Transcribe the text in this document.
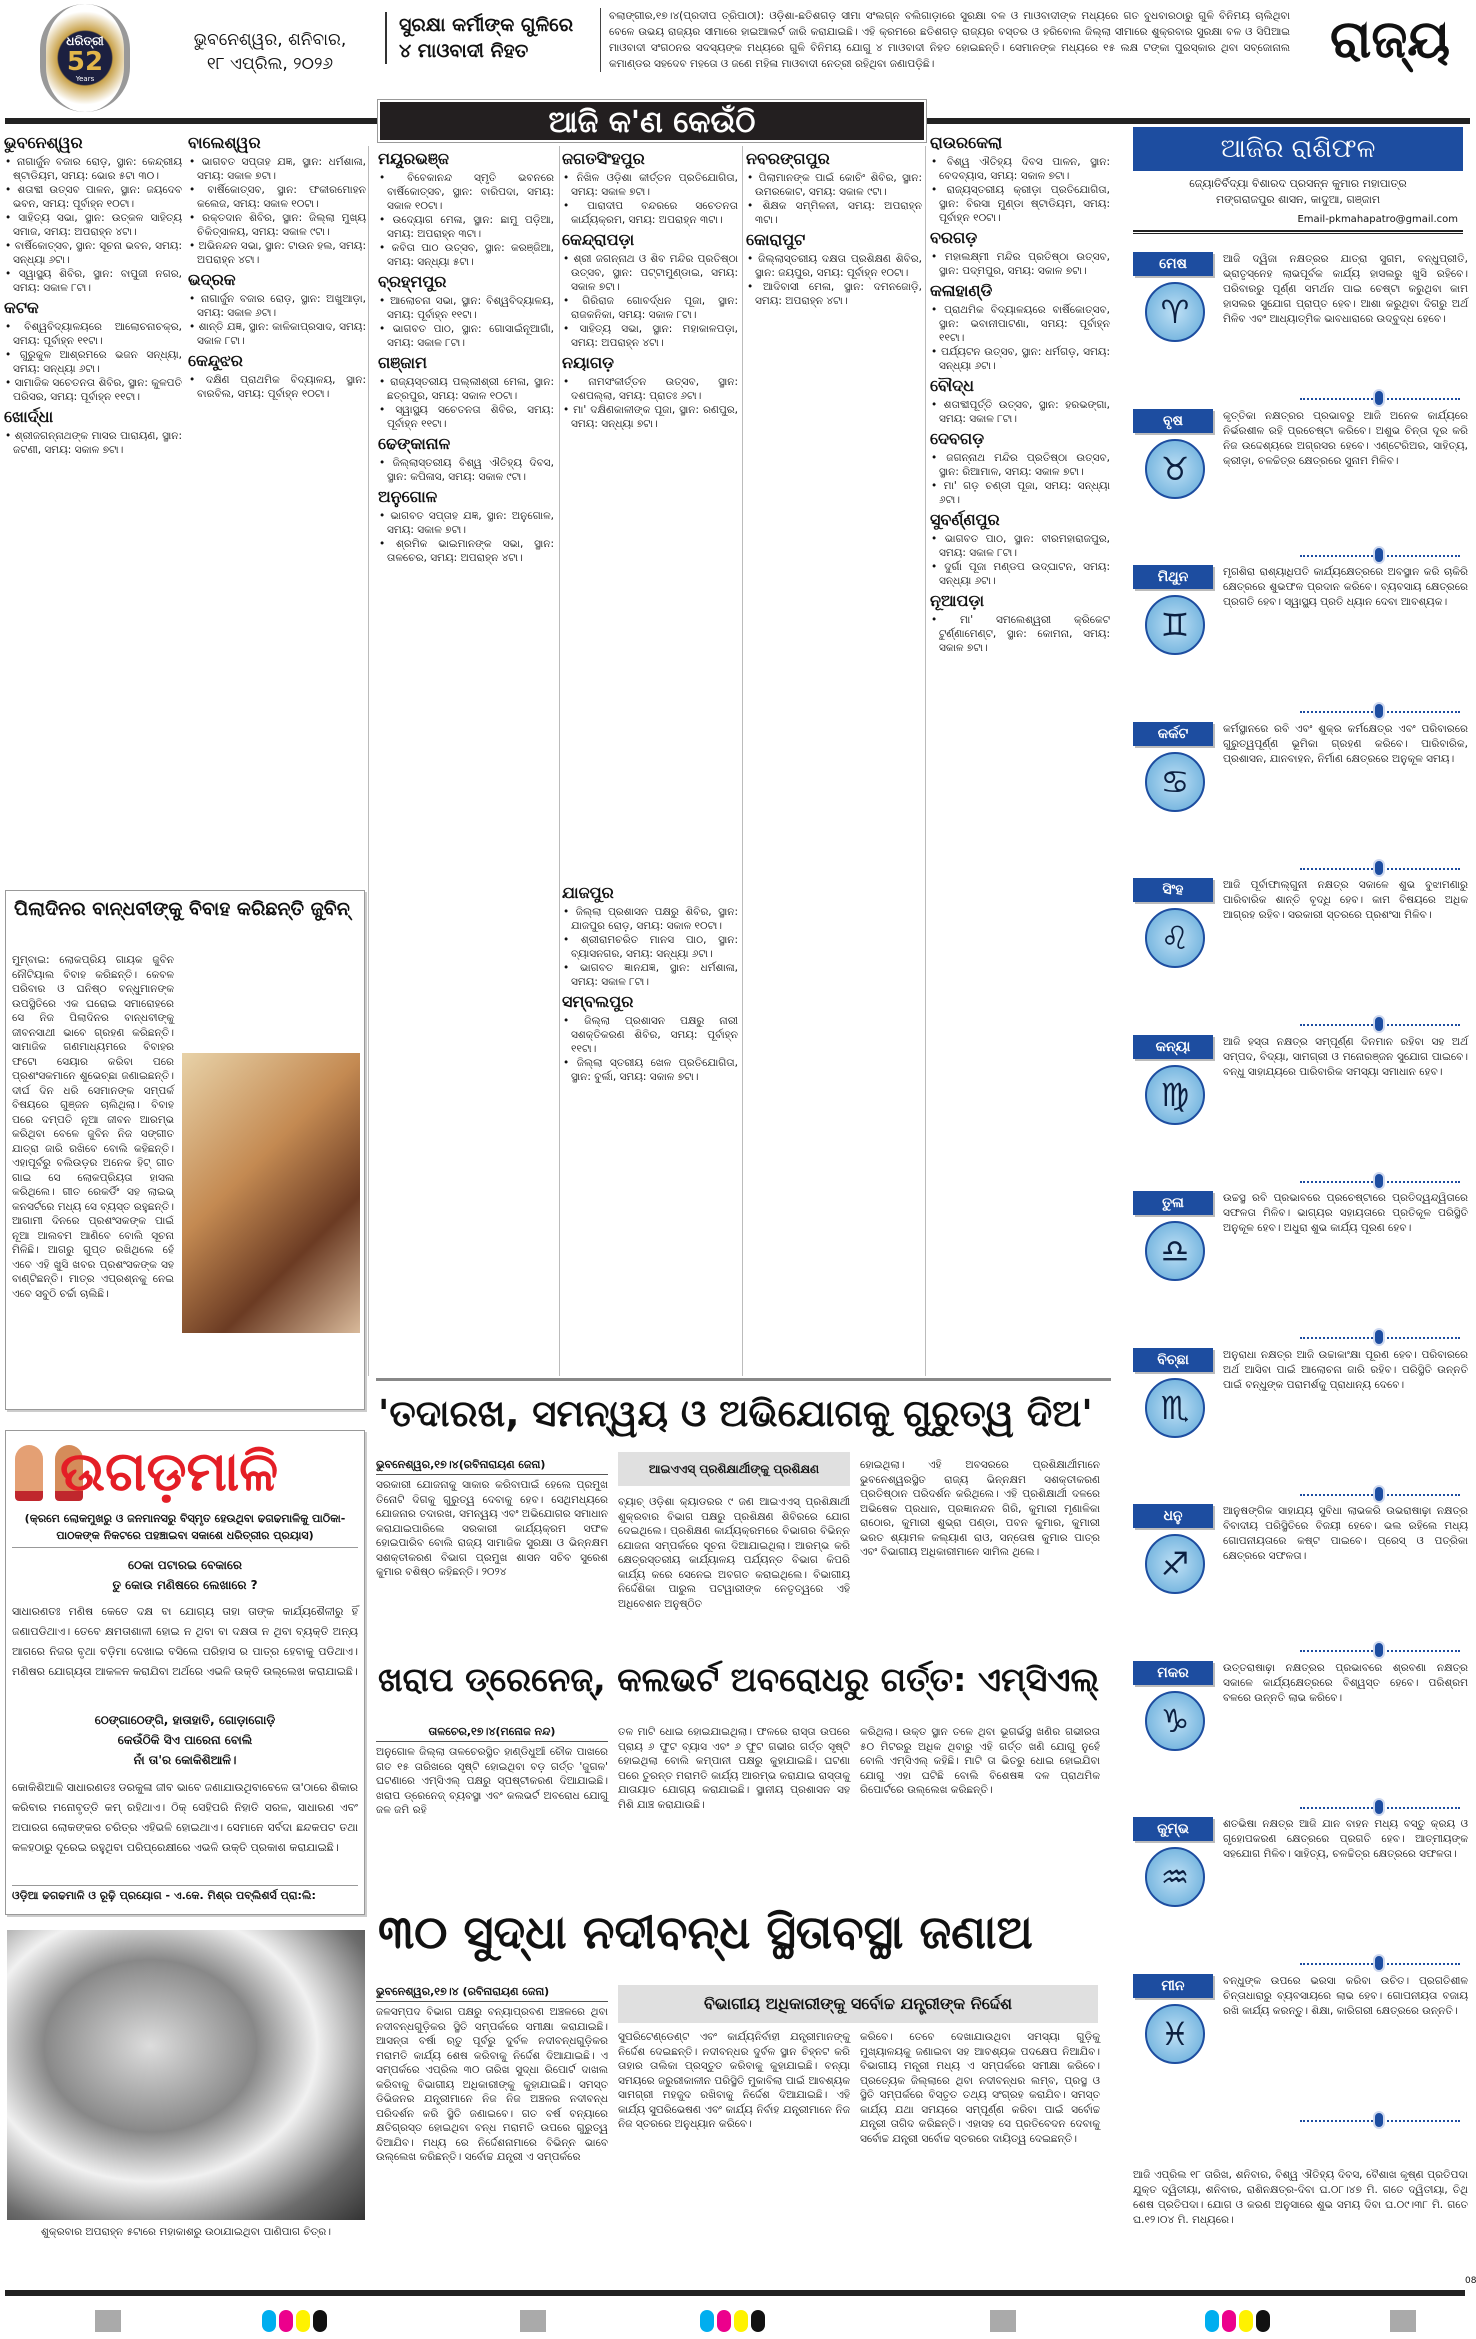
ଧରିତ୍ରୀ
52
Years
ଭୁବନେଶ୍ୱର, ଶନିବାର,
୧୮ ଏପ୍ରିଲ, ୨୦୨୬
ସୁରକ୍ଷା କର୍ମୀଙ୍କ ଗୁଳିରେ
୪ ମାଓବାଦୀ ନିହତ
ବଲାଙ୍ଗୀର,୧୭।୪(ପ୍ରଦୀପ ତ୍ରିପାଠୀ): ଓଡ଼ିଶା-ଛତିଶଗଡ଼ ସୀମା ସଂଲଗ୍ନ ବଲିଗାଡ଼ାରେ ସୁରକ୍ଷା ବଳ ଓ ମାଓବାଦୀଙ୍କ ମଧ୍ୟରେ ଗତ ବୁଧବାରଠାରୁ ଗୁଳି ବିନିମୟ ଚାଲିଥିବା ବେଳେ ଉଭୟ ରାଜ୍ୟର ସୀମାରେ ହାଇଆଲର୍ଟ ଜାରି କରାଯାଇଛି। ଏହି କ୍ରମରେ ଛତିଶଗଡ଼ ରାଜ୍ୟର ବସ୍ତର ଓ ହରିବୋଲ ଜିଲ୍ଲା ସୀମାରେ ଶୁକ୍ରବାର ସୁରକ୍ଷା ବଳ ଓ ସିପିଆଇ ମାଓବାଦୀ ସଂଗଠନର ସଦସ୍ୟଙ୍କ ମଧ୍ୟରେ ଗୁଳି ବିନିମୟ ଯୋଗୁ ୪ ମାଓବାଦୀ ନିହତ ହୋଇଛନ୍ତି। ସେମାନଙ୍କ ମଧ୍ୟରେ ୧୫ ଲକ୍ଷ ଟଙ୍କା ପୁରସ୍କାର ଥିବା ସବ୍‌ଜୋନାଲ କମାଣ୍ଡର ସହଦେବ ମହତୋ ଓ ଜଣେ ମହିଳା ମାଓବାଦୀ ନେତ୍ରୀ ରହିଥିବା ଜଣାପଡ଼ିଛି।	ରାଜ୍ୟ
ଆଜି କ'ଣ କେଉଁଠି
ଭୁବନେଶ୍ୱର

• ନାଗାର୍ଜୁନ ବଜାର ରୋଡ଼, ସ୍ଥାନ: କେନ୍ଦ୍ରୀୟ ଷ୍ଟାଡିୟମ, ସମୟ: ଭୋର ୫ଟା ୩୦।

• ଶତାବ୍ଦୀ ଉତ୍ସବ ପାଳନ, ସ୍ଥାନ: ଜୟଦେବ ଭବନ, ସମୟ: ପୂର୍ବାହ୍ନ ୧୦ଟା।

• ସାହିତ୍ୟ ସଭା, ସ୍ଥାନ: ଉତ୍କଳ ସାହିତ୍ୟ ସମାଜ, ସମୟ: ଅପରାହ୍ନ ୪ଟା।

• ବାର୍ଷିକୋତ୍ସବ, ସ୍ଥାନ: ସୂଚନା ଭବନ, ସମୟ: ସନ୍ଧ୍ୟା ୬ଟା।

• ସ୍ୱାସ୍ଥ୍ୟ ଶିବିର, ସ୍ଥାନ: ବାପୁଜୀ ନଗର, ସମୟ: ସକାଳ ୮ଟା।

କଟକ

• ବିଶ୍ୱବିଦ୍ୟାଳୟରେ ଆଲୋଚନାଚକ୍ର, ସମୟ: ପୂର୍ବାହ୍ନ ୧୧ଟା।

• ଗୁରୁକୁଳ ଆଶ୍ରମରେ ଭଜନ ସନ୍ଧ୍ୟା, ସମୟ: ସନ୍ଧ୍ୟା ୬ଟା।

• ସାମାଜିକ ସଚେତନତା ଶିବିର, ସ୍ଥାନ: କୁଳପତି ପରିସର, ସମୟ: ପୂର୍ବାହ୍ନ ୧୧ଟା।

ଖୋର୍ଦ୍ଧା

• ଶ୍ରୀଜଗନ୍ନାଥଙ୍କ ମାସର ପାରାୟଣ, ସ୍ଥାନ: ଜଟଣୀ, ସମୟ: ସକାଳ ୭ଟା।

ବାଲେଶ୍ୱର

• ଭାଗବତ ସପ୍ତାହ ଯଜ୍ଞ, ସ୍ଥାନ: ଧର୍ମଶାଳା, ସମୟ: ସକାଳ ୭ଟା।

• ବାର୍ଷିକୋତ୍ସବ, ସ୍ଥାନ: ଫକୀରମୋହନ କଲେଜ, ସମୟ: ସକାଳ ୧୦ଟା।

• ରକ୍ତଦାନ ଶିବିର, ସ୍ଥାନ: ଜିଲ୍ଲା ମୁଖ୍ୟ ଚିକିତ୍ସାଳୟ, ସମୟ: ସକାଳ ୯ଟା।

• ଅଭିନନ୍ଦନ ସଭା, ସ୍ଥାନ: ଟାଉନ ହଲ, ସମୟ: ଅପରାହ୍ନ ୪ଟା।

ଭଦ୍ରକ

• ନାଗାର୍ଜୁନ ବଜାର ରୋଡ଼, ସ୍ଥାନ: ଅଖୁଆଡ଼ା, ସମୟ: ସକାଳ ୬ଟା।

• ଶାନ୍ତି ଯଜ୍ଞ, ସ୍ଥାନ: କାଳିକାପ୍ରସାଦ, ସମୟ: ସକାଳ ୮ଟା।

କେନ୍ଦୁଝର

• ଦକ୍ଷିଣ ପ୍ରାଥମିକ ବିଦ୍ୟାଳୟ, ସ୍ଥାନ: ବାରବିଲ, ସମୟ: ପୂର୍ବାହ୍ନ ୧୦ଟା।

ମୟୂରଭଞ୍ଜ

• ବିବେକାନନ୍ଦ ସ୍ମୃତି ଭବନରେ ବାର୍ଷିକୋତ୍ସବ, ସ୍ଥାନ: ବାରିପଦା, ସମୟ: ସକାଳ ୧୦ଟା।

• ଉଦ୍ୟୋଗ ମେଳା, ସ୍ଥାନ: ଛାମୁ ପଡ଼ିଆ, ସମୟ: ଅପରାହ୍ନ ୩ଟା।

• କବିତା ପାଠ ଉତ୍ସବ, ସ୍ଥାନ: କରଞ୍ଜିଆ, ସମୟ: ସନ୍ଧ୍ୟା ୫ଟା।

ବ୍ରହ୍ମପୁର

• ଆଲୋଚନା ସଭା, ସ୍ଥାନ: ବିଶ୍ୱବିଦ୍ୟାଳୟ, ସମୟ: ପୂର୍ବାହ୍ନ ୧୧ଟା।

• ଭାଗବତ ପାଠ, ସ୍ଥାନ: ଗୋସାଇଁନୂଆଗାଁ, ସମୟ: ସକାଳ ୮ଟା।

ଗଞ୍ଜାମ

• ରାଜ୍ୟସ୍ତରୀୟ ପଲ୍ଲୀଶ୍ରୀ ମେଳା, ସ୍ଥାନ: ଛତ୍ରପୁର, ସମୟ: ସକାଳ ୧୦ଟା।

• ସ୍ୱାସ୍ଥ୍ୟ ସଚେତନତା ଶିବିର, ସମୟ: ପୂର୍ବାହ୍ନ ୧୧ଟା।

ଢେଙ୍କାନାଳ

• ଜିଲ୍ଲାସ୍ତରୀୟ ବିଶ୍ୱ ଐତିହ୍ୟ ଦିବସ, ସ୍ଥାନ: କପିଳାସ, ସମୟ: ସକାଳ ୯ଟା।

ଅନୁଗୋଳ

• ଭାଗବତ ସପ୍ତାହ ଯଜ୍ଞ, ସ୍ଥାନ: ଅନୁଗୋଳ, ସମୟ: ସକାଳ ୭ଟା।

• ଶ୍ରମିକ ଭାଇମାନଙ୍କ ସଭା, ସ୍ଥାନ: ତାଳଚେର, ସମୟ: ଅପରାହ୍ନ ୪ଟା।

ଜଗତସିଂହପୁର

• ନିଖିଳ ଓଡ଼ିଶା କୀର୍ତ୍ତନ ପ୍ରତିଯୋଗିତା, ସମୟ: ସକାଳ ୭ଟା।

• ପାରାଦୀପ ବନ୍ଦରରେ ସଚେତନତା କାର୍ଯ୍ୟକ୍ରମ, ସମୟ: ଅପରାହ୍ନ ୩ଟା।

କେନ୍ଦ୍ରାପଡ଼ା

• ଶ୍ରୀ ଜଗନ୍ନାଥ ଓ ଶିବ ମନ୍ଦିର ପ୍ରତିଷ୍ଠା ଉତ୍ସବ, ସ୍ଥାନ: ପଟ୍ଟାମୁଣ୍ଡାଇ, ସମୟ: ସକାଳ ୭ଟା।

• ଗିରିରାଜ ଗୋବର୍ଦ୍ଧନ ପୂଜା, ସ୍ଥାନ: ରାଜକନିକା, ସମୟ: ସକାଳ ୮ଟା।

• ସାହିତ୍ୟ ସଭା, ସ୍ଥାନ: ମହାକାଳପଡ଼ା, ସମୟ: ଅପରାହ୍ନ ୪ଟା।

ନୟାଗଡ଼

• ନାମସଂକୀର୍ତ୍ତନ ଉତ୍ସବ, ସ୍ଥାନ: ଦଶପଲ୍ଲା, ସମୟ: ପ୍ରାତଃ ୬ଟା।

• ମା' ଦକ୍ଷିଣକାଳୀଙ୍କ ପୂଜା, ସ୍ଥାନ: ରଣପୁର, ସମୟ: ସନ୍ଧ୍ୟା ୭ଟା।

ଯାଜପୁର

• ଜିଲ୍ଲା ପ୍ରଶାସନ ପକ୍ଷରୁ ଶିବିର, ସ୍ଥାନ: ଯାଜପୁର ରୋଡ଼, ସମୟ: ସକାଳ ୧୦ଟା।

• ଶ୍ରୀରାମଚରିତ ମାନସ ପାଠ, ସ୍ଥାନ: ବ୍ୟାସନଗର, ସମୟ: ସନ୍ଧ୍ୟା ୬ଟା।

• ଭାଗବତ ଜ୍ଞାନଯଜ୍ଞ, ସ୍ଥାନ: ଧର୍ମଶାଳା, ସମୟ: ସକାଳ ୮ଟା।

ସମ୍ବଲପୁର

• ଜିଲ୍ଲା ପ୍ରଶାସନ ପକ୍ଷରୁ ନାରୀ ସଶକ୍ତିକରଣ ଶିବିର, ସମୟ: ପୂର୍ବାହ୍ନ ୧୧ଟା।

• ଜିଲ୍ଲା ସ୍ତରୀୟ ଖେଳ ପ୍ରତିଯୋଗିତା, ସ୍ଥାନ: ବୁର୍ଲା, ସମୟ: ସକାଳ ୭ଟା।

ରାଉରକେଲା

• ବିଶ୍ୱ ଐତିହ୍ୟ ଦିବସ ପାଳନ, ସ୍ଥାନ: ବେଦବ୍ୟାସ, ସମୟ: ସକାଳ ୭ଟା।

• ରାଜ୍ୟସ୍ତରୀୟ କ୍ରୀଡ଼ା ପ୍ରତିଯୋଗିତା, ସ୍ଥାନ: ବିରସା ମୁଣ୍ଡା ଷ୍ଟାଡିୟମ, ସମୟ: ପୂର୍ବାହ୍ନ ୧୦ଟା।

ବରଗଡ଼

• ମହାଲକ୍ଷ୍ମୀ ମନ୍ଦିର ପ୍ରତିଷ୍ଠା ଉତ୍ସବ, ସ୍ଥାନ: ପଦ୍ମପୁର, ସମୟ: ସକାଳ ୭ଟା।

କଳାହାଣ୍ଡି

• ପ୍ରାଥମିକ ବିଦ୍ୟାଳୟରେ ବାର୍ଷିକୋତ୍ସବ, ସ୍ଥାନ: ଭବାନୀପାଟଣା, ସମୟ: ପୂର୍ବାହ୍ନ ୧୧ଟା।

• ପର୍ଯ୍ୟଟନ ଉତ୍ସବ, ସ୍ଥାନ: ଧର୍ମଗଡ଼, ସମୟ: ସନ୍ଧ୍ୟା ୬ଟା।

ବୌଦ୍ଧ

• ଶତାବ୍ଦୀପୂର୍ତ୍ତି ଉତ୍ସବ, ସ୍ଥାନ: ହରଭଙ୍ଗା, ସମୟ: ସକାଳ ୮ଟା।

ଦେବଗଡ଼

• ଜଗନ୍ନାଥ ମନ୍ଦିର ପ୍ରତିଷ୍ଠା ଉତ୍ସବ, ସ୍ଥାନ: ରିଆମାଳ, ସମୟ: ସକାଳ ୭ଟା।

• ମା' ଗଡ଼ ଚଣ୍ଡୀ ପୂଜା, ସମୟ: ସନ୍ଧ୍ୟା ୬ଟା।

ସୁବର୍ଣ୍ଣପୁର

• ଭାଗବତ ପାଠ, ସ୍ଥାନ: ବୀରମହାରାଜପୁର, ସମୟ: ସକାଳ ୮ଟା।

• ଦୁର୍ଗା ପୂଜା ମଣ୍ଡପ ଉଦ୍‌ଘାଟନ, ସମୟ: ସନ୍ଧ୍ୟା ୬ଟା।

ନୂଆପଡ଼ା

• ମା' ସମଲେଶ୍ୱରୀ କ୍ରିକେଟ ଟୁର୍ଣ୍ଣାମେଣ୍ଟ, ସ୍ଥାନ: କୋମନା, ସମୟ: ସକାଳ ୭ଟା।

ନବରଙ୍ଗପୁର

• ପିଲାମାନଙ୍କ ପାଇଁ କୋଚିଂ ଶିବିର, ସ୍ଥାନ: ଉମରକୋଟ, ସମୟ: ସକାଳ ୯ଟା।

• ଶିକ୍ଷକ ସମ୍ମିଳନୀ, ସମୟ: ଅପରାହ୍ନ ୩ଟା।

କୋରାପୁଟ

• ଜିଲ୍ଲାସ୍ତରୀୟ ଦକ୍ଷତା ପ୍ରଶିକ୍ଷଣ ଶିବିର, ସ୍ଥାନ: ଜୟପୁର, ସମୟ: ପୂର୍ବାହ୍ନ ୧୦ଟା।

• ଆଦିବାସୀ ମେଳା, ସ୍ଥାନ: ଦମନଜୋଡ଼ି, ସମୟ: ଅପରାହ୍ନ ୪ଟା।

ପିଲାଦିନର ବାନ୍ଧବୀଙ୍କୁ ବିବାହ କରିଛନ୍ତି ଜୁବିନ୍
ମୁମ୍ବାଇ: ଲୋକପ୍ରିୟ ଗାୟକ ଜୁବିନ ନୌଟିୟାଲ ବିବାହ କରିଛନ୍ତି। କେବଳ ପରିବାର ଓ ଘନିଷ୍ଠ ବନ୍ଧୁମାନଙ୍କ ଉପସ୍ଥିତିରେ ଏକ ଘରୋଇ ସମାରୋହରେ ସେ ନିଜ ପିଲାଦିନର ବାନ୍ଧବୀଙ୍କୁ ଜୀବନସାଥୀ ଭାବେ ଗ୍ରହଣ କରିଛନ୍ତି। ସାମାଜିକ ଗଣମାଧ୍ୟମରେ ବିବାହର ଫଟୋ ସେୟାର କରିବା ପରେ ପ୍ରଶଂସକମାନେ ଶୁଭେଚ୍ଛା ଜଣାଇଛନ୍ତି। ଦୀର୍ଘ ଦିନ ଧରି ସେମାନଙ୍କ ସମ୍ପର୍କ ବିଷୟରେ ଗୁଞ୍ଜନ ଚାଲିଥିଲା। ବିବାହ ପରେ ଦମ୍ପତି ନୂଆ ଜୀବନ ଆରମ୍ଭ କରିଥିବା ବେଳେ ଜୁବିନ ନିଜ ସଙ୍ଗୀତ ଯାତ୍ରା ଜାରି ରଖିବେ ବୋଲି କହିଛନ୍ତି। ଏହାପୂର୍ବରୁ ବଲିଉଡ଼ର ଅନେକ ହିଟ୍ ଗୀତ ଗାଇ ସେ ଲୋକପ୍ରିୟତା ହାସଲ କରିଥିଲେ। ଗୀତ ରେକର୍ଡିଂ ସହ ଲାଇଭ୍ କନସର୍ଟରେ ମଧ୍ୟ ସେ ବ୍ୟସ୍ତ ରହୁଛନ୍ତି। ଆଗାମୀ ଦିନରେ ପ୍ରଶଂସକଙ୍କ ପାଇଁ ନୂଆ ଆଲବମ ଆଣିବେ ବୋଲି ସୂଚନା ମିଳିଛି। ଆଗରୁ ଗୁପ୍ତ ରଖିଥିଲେ ହେଁ ଏବେ ଏହି ଖୁସି ଖବର ପ୍ରଶଂସକଙ୍କ ସହ ବାଣ୍ଟିଛନ୍ତି। ମାତ୍ର ଏପ୍ରଶ୍ନକୁ ନେଇ ଏବେ ସବୁଠି ଚର୍ଚ୍ଚା ଚାଲିଛି।
ଉଗଡ଼ମାଳି
(କ୍ରମେ ଲୋକମୁଖରୁ ଓ ଜନମାନସରୁ ବିସ୍ମୃତ ହେଉଥିବା ଢଗଢମାଳିକୁ ପାଠିକା-ପାଠକଙ୍କ ନିକଟରେ ପହଞ୍ଚାଇବା ସକାଶେ ଧରିତ୍ରୀର ପ୍ରୟାସ)
ଠେକା ପଟାରଇ ବେକାରେ
ତୁ କୋଉ ମଣିଷରେ ଲେଖାରେ ?
ସାଧାରଣତଃ ମଣିଷ କେତେ ଦକ୍ଷ ବା ଯୋଗ୍ୟ ତାହା ତାଙ୍କ କାର୍ଯ୍ୟଶୈଳୀରୁ ହିଁ ଜଣାପଡିଥାଏ। ତେବେ କ୍ଷମତାଶାଳୀ ହୋଇ ନ ଥିବା ବା ଦକ୍ଷତା ନ ଥିବା ବ୍ୟକ୍ତି ଅନ୍ୟ ଆଗରେ ନିଜର ବୃଥା ବଡ଼ିମା ଦେଖାଇ ବସିଲେ ପରିହାସ ର ପାତ୍ର ହେବାକୁ ପଡିଥାଏ। ମଣିଷର ଯୋଗ୍ୟତା ଆକଳନ କରାଯିବା ଅର୍ଥରେ ଏଭଳି ଉକ୍ତି ଉଲ୍ଲେଖ କରାଯାଇଛି।
ଠେଙ୍ଗାଠେଙ୍ଗି, ହାତାହାତି, ଗୋଡ଼ାଗୋଡ଼ି
କେଉଁଠିକି ସିଏ ପାରେନା ବୋଲି
ନାଁ ତା'ର କୋକିଶିଆଳି।
କୋକିଶିଆଳି ସାଧାରଣତଃ ଡରକୁଳା ଜୀବ ଭାବେ ଜଣାଯାଉଥିବାବେଳେ ତା'ଠାରେ ଶିକାର କରିବାର ମନୋବୃତ୍ତି କମ୍ ରହିଥାଏ। ଠିକ୍ ସେହିପରି ନିହାତି ସରଳ, ସାଧାରଣ ଏବଂ ଅପାରଗ ଲୋକଙ୍କର ଚରିତ୍ର ଏହିଭଳି ହୋଇଥାଏ। ସେମାନେ ସର୍ବଦା ଛନ୍ଦକପଟ ତଥା କଳହଠାରୁ ଦୂରେଇ ରହୁଥିବା ପରିପ୍ରେକ୍ଷୀରେ ଏଭଳି ଉକ୍ତି ପ୍ରକାଶ କରାଯାଇଛି।
ଓଡ଼ିଆ ଢଗଢମାଳି ଓ ରୂଢ଼ି ପ୍ରୟୋଗ - ଏ.କେ. ମିଶ୍ର ପବ୍ଲିଶର୍ସ ପ୍ରା:ଲି:
ଶୁକ୍ରବାର ଅପରାହ୍ନ ୫ଟାରେ ମହାକାଶରୁ ଉଠାଯାଇଥିବା ପାଣିପାଗ ଚିତ୍ର।
'ତଦାରଖ, ସମନ୍ୱୟ ଓ ଅଭିଯୋଗକୁ ଗୁରୁତ୍ୱ ଦିଅ'
ଭୁବନେଶ୍ୱର,୧୭।୪(ରବିନାରାୟଣ ଜେନା)
ସରକାରୀ ଯୋଜନାକୁ ସାକାର କରିବାପାଇଁ ହେଲେ ପ୍ରମୁଖ ତିନୋଟି ଦିଗକୁ ଗୁରୁତ୍ୱ ଦେବାକୁ ହେବ। ସେଥିମଧ୍ୟରେ ଯୋଜନାର ତଦାରଖ, ସମନ୍ୱୟ ଏବଂ ଅଭିଯୋଗର ସମାଧାନ କରାଯାଇପାରିଲେ ସରକାରୀ କାର୍ଯ୍ୟକ୍ରମ ସଫଳ ହୋଇପାରିବ ବୋଲି ରାଜ୍ୟ ସାମାଜିକ ସୁରକ୍ଷା ଓ ଭିନ୍ନକ୍ଷମ ସଶକ୍ତୀକରଣ ବିଭାଗ ପ୍ରମୁଖ ଶାସନ ସଚିବ ସୁରେଶ କୁମାର ବଶିଷ୍ଠ କହିଛନ୍ତି। ୨୦୨୪
ଆଇଏଏସ୍ ପ୍ରଶିକ୍ଷାର୍ଥୀଙ୍କୁ ପ୍ରଶିକ୍ଷଣ
ବ୍ୟାଚ୍ ଓଡ଼ିଶା କ୍ୟାଡରର ୯ ଜଣ ଆଇଏଏସ୍ ପ୍ରଶିକ୍ଷାର୍ଥୀ ଶୁକ୍ରବାର ବିଭାଗ ପକ୍ଷରୁ ପ୍ରଶିକ୍ଷଣ ଶିବିରରେ ଯୋଗ ଦେଇଥିଲେ। ପ୍ରଶିକ୍ଷଣ କାର୍ଯ୍ୟକ୍ରମରେ ବିଭାଗର ବିଭିନ୍ନ ଯୋଜନା ସମ୍ପର୍କରେ ସୂଚନା ଦିଆଯାଇଥିଲା। ଆରମ୍ଭ କରି କ୍ଷେତ୍ରସ୍ତରୀୟ କାର୍ଯ୍ୟାଳୟ ପର୍ଯ୍ୟନ୍ତ ବିଭାଗ କିପରି କାର୍ଯ୍ୟ କରେ ସେନେଇ ଅବଗତ କରାଇଥିଲେ। ବିଭାଗୀୟ ନିର୍ଦ୍ଦେଶିକା ପାରୁଲ ପଟୱାରୀଙ୍କ ନେତୃତ୍ୱରେ ଏହି ଅଧିବେଶନ ଅନୁଷ୍ଠିତ
ହୋଇଥିଲା। ଏହି ଅବସରରେ ପ୍ରଶିକ୍ଷାର୍ଥୀମାନେ ଭୁବନେଶ୍ୱରସ୍ଥିତ ରାଜ୍ୟ ଭିନ୍ନକ୍ଷମ ସଶକ୍ତୀକରଣ ପ୍ରତିଷ୍ଠାନ ପରିଦର୍ଶନ କରିଥିଲେ। ଏହି ପ୍ରଶିକ୍ଷାର୍ଥୀ ଦଳରେ ଅଭିଷେକ ପ୍ରଧାନ, ପ୍ରଜ୍ଞାନନ୍ଦନ ଗିରି, କୁମାରୀ ମୃଣାଳିକା ରାଠୋର, କୁମାରୀ ଶୁଭ୍ରା ପଣ୍ଡା, ପବନ କୁମାର, କୁମାରୀ ଭରତ ଶ୍ୟାମଳ କଲ୍ୟାଣ ରାଓ, ସନ୍ତୋଷ କୁମାର ପାତ୍ର ଏବଂ ବିଭାଗୀୟ ଅଧିକାରୀମାନେ ସାମିଲ ଥିଲେ।
ଖରାପ ଡ୍ରେନେଜ୍, କଲଭର୍ଟ ଅବରୋଧରୁ ଗର୍ତ୍ତ: ଏମ୍‌ସିଏଲ୍
ତାଳଚେର,୧୭।୪(ମନୋଜ ନନ୍ଦ)
ଅନୁଗୋଳ ଜିଲ୍ଲା ତାଳଚେରସ୍ଥିତ ହାଣ୍ଡିଧୁଆଁ ଚୌକ ପାଖରେ ଗତ ୧୫ ତାରିଖରେ ସୃଷ୍ଟି ହୋଇଥିବା ବଡ଼ ଗର୍ତ୍ତ 'ଜୁଗଳ' ଘଟଣାରେ ଏମ୍‌ସିଏଲ୍ ପକ୍ଷରୁ ସ୍ପଷ୍ଟୀକରଣ ଦିଆଯାଇଛି। ଖରାପ ଡ୍ରେନେଜ୍ ବ୍ୟବସ୍ଥା ଏବଂ କଲଭର୍ଟ ଅବରୋଧ ଯୋଗୁ ଜଳ ଜମି ରହି
ତଳ ମାଟି ଧୋଇ ହୋଇଯାଇଥିଲା। ଫଳରେ ରାସ୍ତା ଉପରେ ପ୍ରାୟ ୬ ଫୁଟ ବ୍ୟାସ ଏବଂ ୬ ଫୁଟ ଗଭୀର ଗର୍ତ୍ତ ସୃଷ୍ଟି ହୋଇଥିଲା ବୋଲି କମ୍ପାନୀ ପକ୍ଷରୁ କୁହାଯାଇଛି। ଘଟଣା ପରେ ତୁରନ୍ତ ମରାମତି କାର୍ଯ୍ୟ ଆରମ୍ଭ କରାଯାଇ ରାସ୍ତାକୁ ଯାତାୟାତ ଯୋଗ୍ୟ କରାଯାଇଛି। ସ୍ଥାନୀୟ ପ୍ରଶାସନ ସହ ମିଶି ଯାଞ୍ଚ କରାଯାଉଛି।
କରିଥିଲା। ଉକ୍ତ ସ୍ଥାନ ତଳେ ଥିବା ଭୂଗର୍ଭସ୍ଥ ଖଣିର ଗଭୀରତା ୫୦ ମିଟରରୁ ଅଧିକ ଥିବାରୁ ଏହି ଗର୍ତ୍ତ ଖଣି ଯୋଗୁ ନୁହେଁ ବୋଲି ଏମ୍‌ସିଏଲ୍ କହିଛି। ମାଟି ତା ଭିତରୁ ଧୋଇ ହୋଇଯିବା ଯୋଗୁ ଏହା ଘଟିଛି ବୋଲି ବିଶେଷଜ୍ଞ ଦଳ ପ୍ରାଥମିକ ରିପୋର୍ଟରେ ଉଲ୍ଲେଖ କରିଛନ୍ତି।
୩୦ ସୁଦ୍ଧା ନଦୀବନ୍ଧ ସ୍ଥିତାବସ୍ଥା ଜଣାଅ
ଭୁବନେଶ୍ୱର,୧୭।୪ (ରବିନାରାୟଣ ଜେନା)
ଜଳସମ୍ପଦ ବିଭାଗ ପକ୍ଷରୁ ବନ୍ୟାପ୍ରବଣ ଅଞ୍ଚଳରେ ଥିବା ନଦୀବନ୍ଧଗୁଡ଼ିକର ସ୍ଥିତି ସମ୍ପର୍କରେ ସମୀକ୍ଷା କରାଯାଇଛି। ଆସନ୍ତା ବର୍ଷା ଋତୁ ପୂର୍ବରୁ ଦୁର୍ବଳ ନଦୀବନ୍ଧଗୁଡ଼ିକର ମରାମତି କାର୍ଯ୍ୟ ଶେଷ କରିବାକୁ ନିର୍ଦ୍ଦେଶ ଦିଆଯାଇଛି। ଏ ସମ୍ପର୍କରେ ଏପ୍ରିଲ ୩୦ ତାରିଖ ସୁଦ୍ଧା ରିପୋର୍ଟ ଦାଖଲ କରିବାକୁ ବିଭାଗୀୟ ଅଧିକାରୀଙ୍କୁ କୁହାଯାଇଛି। ସମସ୍ତ ଡିଭିଜନର ଯନ୍ତ୍ରୀମାନେ ନିଜ ନିଜ ଅଞ୍ଚଳର ନଦୀବନ୍ଧ ପରିଦର୍ଶନ କରି ସ୍ଥିତି ଜଣାଇବେ। ଗତ ବର୍ଷ ବନ୍ୟାରେ କ୍ଷତିଗ୍ରସ୍ତ ହୋଇଥିବା ବନ୍ଧ ମରାମତି ଉପରେ ଗୁରୁତ୍ୱ ଦିଆଯିବ। ମଧ୍ୟ ରେ ନିର୍ଦ୍ଦେଶନାମାରେ ବିଭିନ୍ନ ଭାବେ ଉଲ୍ଲେଖ କରିଛନ୍ତି। ସର୍ବୋଚ୍ଚ ଯନ୍ତ୍ରୀ ଏ ସମ୍ପର୍କରେ
ବିଭାଗୀୟ ଅଧିକାରୀଙ୍କୁ ସର୍ବୋଚ୍ଚ ଯନ୍ତ୍ରୀଙ୍କ ନିର୍ଦ୍ଦେଶ
ସୁପରିଟେଣ୍ଡେଣ୍ଟ ଏବଂ କାର୍ଯ୍ୟନିର୍ବାହୀ ଯନ୍ତ୍ରୀମାନଙ୍କୁ ନିର୍ଦ୍ଦେଶ ଦେଇଛନ୍ତି। ନଦୀବନ୍ଧର ଦୁର୍ବଳ ସ୍ଥାନ ଚିହ୍ନଟ କରି ତାହାର ତାଲିକା ପ୍ରସ୍ତୁତ କରିବାକୁ କୁହାଯାଇଛି। ବନ୍ୟା ସମୟରେ ଜରୁରୀକାଳୀନ ପରିସ୍ଥିତି ମୁକାବିଲା ପାଇଁ ଆବଶ୍ୟକ ସାମଗ୍ରୀ ମହଜୁଦ ରଖିବାକୁ ନିର୍ଦ୍ଦେଶ ଦିଆଯାଇଛି। ଏହି କାର୍ଯ୍ୟ ସୁପରିଭେଷଣ ଏବଂ କାର୍ଯ୍ୟ ନିର୍ବାହ ଯନ୍ତ୍ରୀମାନେ ନିଜ ନିଜ ସ୍ତରରେ ଅନୁଧ୍ୟାନ କରିବେ।
କରିବେ। ତେବେ ଦେଖାଯାଉଥିବା ସମସ୍ୟା ଗୁଡ଼ିକୁ ମୁଖ୍ୟାଳୟକୁ ଜଣାଇବା ସହ ଆବଶ୍ୟକ ପଦକ୍ଷେପ ନିଆଯିବ। ବିଭାଗୀୟ ମନ୍ତ୍ରୀ ମଧ୍ୟ ଏ ସମ୍ପର୍କରେ ସମୀକ୍ଷା କରିବେ। ପ୍ରତ୍ୟେକ ଜିଲ୍ଲାରେ ଥିବା ନଦୀବନ୍ଧର ଲମ୍ବ, ପ୍ରସ୍ଥ ଓ ସ୍ଥିତି ସମ୍ପର୍କରେ ବିସ୍ତୃତ ତଥ୍ୟ ସଂଗ୍ରହ କରାଯିବ। ସମସ୍ତ କାର୍ଯ୍ୟ ଯଥା ସମୟରେ ସମ୍ପୂର୍ଣ୍ଣ କରିବା ପାଇଁ ସର୍ବୋଚ୍ଚ ଯନ୍ତ୍ରୀ ତାଗିଦ କରିଛନ୍ତି। ଏହାସହ ସେ ପ୍ରତିବେଦନ ଦେବାକୁ ସର୍ବୋଚ୍ଚ ଯନ୍ତ୍ରୀ ସର୍ବୋଚ୍ଚ ସ୍ତରରେ ଦାୟିତ୍ୱ ଦେଇଛନ୍ତି।
ଆଜିର ରାଶିଫଳ
ଜ୍ୟୋତିର୍ବିଦ୍ୟା ବିଶାରଦ ପ୍ରସନ୍ନ କୁମାର ମହାପାତ୍ର
ମଙ୍ଗରାଜପୁର ଶାସନ, କାଦୁଆ, ଗଞ୍ଜାମ
Email-pkmahapatro@gmail.com
ମେଷ
♈
ଆଜି ଦ୍ୱିଜା ନକ୍ଷତ୍ରର ଯାତ୍ରା ସୁଗମ, ବନ୍ଧୁପ୍ରୀତି, ଭ୍ରାତୃସ୍ନେହ ଲାଭପୂର୍ବକ କାର୍ଯ୍ୟ ହାସଲରୁ ଖୁସି ରହିବେ। ପରିବାରରୁ ପୂର୍ଣ୍ଣ ସମର୍ଥନ ପାଇ ଚେଷ୍ଟା କରୁଥିବା କାମ ହାସଲର ସୁଯୋଗ ପ୍ରାପ୍ତ ହେବ। ଆଶା କରୁଥିବା ଦିଗରୁ ଅର୍ଥ ମିଳିବ ଏବଂ ଆଧ୍ୟାତ୍ମିକ ଭାବଧାରାରେ ଉଦ୍ବୁଦ୍ଧ ହେବେ।
ବୃଷ
♉
କୃତ୍ତିକା ନକ୍ଷତ୍ରର ପ୍ରଭାବରୁ ଆଜି ଅନେକ କାର୍ଯ୍ୟରେ ନିର୍ଭରଶୀଳ ରହି ପ୍ରଚେଷ୍ଟା କରିବେ। ଅଶୁଭ ଚିନ୍ତା ଦୂର କରି ନିଜ ଉଦ୍ଦେଶ୍ୟରେ ଅଗ୍ରସର ହେବେ। ଏଣ୍ଟେରିଅର, ସାହିତ୍ୟ, କ୍ରୀଡ଼ା, ଚଳଚ୍ଚିତ୍ର କ୍ଷେତ୍ରରେ ସୁନାମ ମିଳିବ।
ମିଥୁନ
♊
ମୃଗଶିରା ରାଶ୍ୟାଧିପତି କାର୍ଯ୍ୟକ୍ଷେତ୍ରରେ ଅବସ୍ଥାନ କରି ଚାକିରି କ୍ଷେତ୍ରରେ ଶୁଭଫଳ ପ୍ରଦାନ କରିବେ। ବ୍ୟବସାୟ କ୍ଷେତ୍ରରେ ପ୍ରଗତି ହେବ। ସ୍ୱାସ୍ଥ୍ୟ ପ୍ରତି ଧ୍ୟାନ ଦେବା ଆବଶ୍ୟକ।
କର୍କଟ
♋
କର୍ମସ୍ଥାନରେ ରବି ଏବଂ ଶୁକ୍ର କର୍ମକ୍ଷେତ୍ର ଏବଂ ପରିବାରରେ ଗୁରୁତ୍ୱପୂର୍ଣ୍ଣ ଭୂମିକା ଗ୍ରହଣ କରିବେ। ପାରିବାରିକ, ପ୍ରଶାସନ, ଯାନବାହନ, ନିର୍ମାଣ କ୍ଷେତ୍ରରେ ଅନୁକୂଳ ସମୟ।
ସିଂହ
♌
ଆଜି ପୂର୍ବାଫାଲ୍ଗୁନୀ ନକ୍ଷତ୍ର ସକାଳେ ଶୁଭ ବୁଝାମଣାରୁ ପାରିବାରିକ ଶାନ୍ତି ବୃଦ୍ଧି ହେବ। କାମ ବିଷୟରେ ଅଧିକ ଆଗ୍ରହ ରହିବ। ସରକାରୀ ସ୍ତରରେ ପ୍ରଶଂସା ମିଳିବ।
କନ୍ୟା
♍
ଆଜି ହସ୍ତା ନକ୍ଷତ୍ର ସମ୍ପୂର୍ଣ୍ଣ ଦିନମାନ ରହିବା ସହ ଅର୍ଥ ସମ୍ପଦ, ବିଦ୍ୟା, ସାମଗ୍ରୀ ଓ ମନୋରଞ୍ଜନ ସୁଯୋଗ ପାଇବେ। ବନ୍ଧୁ ସାହାଯ୍ୟରେ ପାରିବାରିକ ସମସ୍ୟା ସମାଧାନ ହେବ।
ତୁଳା
♎
ଉଚ୍ଚସ୍ଥ ରବି ପ୍ରଭାବରେ ପ୍ରଚେଷ୍ଟାରେ ପ୍ରତିଦ୍ୱନ୍ଦ୍ୱିତାରେ ସଫଳତା ମିଳିବ। ଭାଗ୍ୟର ସହାୟତାରେ ପ୍ରତିକୂଳ ପରିସ୍ଥିତି ଅନୁକୂଳ ହେବ। ଅଧୁରା ଶୁଭ କାର୍ଯ୍ୟ ପୂରଣ ହେବ।
ବିଚ୍ଛା
♏
ଅନୁରାଧା ନକ୍ଷତ୍ର ଆଜି ଉଚ୍ଚାକାଂକ୍ଷା ପୂରଣ ହେବ। ପରିବାରରେ ଅର୍ଥ ଆସିବା ପାଇଁ ଆଲୋଚନା ଜାରି ରହିବ। ପରିସ୍ଥିତି ଉନ୍ନତି ପାଇଁ ବନ୍ଧୁଙ୍କ ପରାମର୍ଶକୁ ପ୍ରାଧାନ୍ୟ ଦେବେ।
ଧନୁ
♐
ଆନୁଷଙ୍ଗିକ ସାହାଯ୍ୟ ସୁବିଧା ଲାଭକରି ଉଭରାଷାଢ଼ା ନକ୍ଷତ୍ର ବିବାଦୀୟ ପରିସ୍ଥିତିରେ ବିଜୟୀ ହେବେ। ଭଲ ରହିଲେ ମଧ୍ୟ ଗୋପନୀୟତାରେ କଷ୍ଟ ପାଇବେ। ପ୍ରେସ୍ ଓ ପତ୍ରିକା କ୍ଷେତ୍ରରେ ସଫଳତା।
ମକର
♑
ଉତ୍ତରାଷାଢ଼ା ନକ୍ଷତ୍ରର ପ୍ରଭାବରେ ଶ୍ରବଣା ନକ୍ଷତ୍ର ସକାଳେ କାର୍ଯ୍ୟକ୍ଷେତ୍ରରେ ବିଶ୍ୱସ୍ତ ହେବେ। ପରିଶ୍ରମ ବଳରେ ଉନ୍ନତି ଲାଭ କରିବେ।
କୁମ୍ଭ
♒
ଶତଭିଷା ନକ୍ଷତ୍ର ଆଜି ଯାନ ବାହନ ମଧ୍ୟ ବସ୍ତୁ କ୍ରୟ ଓ ଗୃହୋପକରଣ କ୍ଷେତ୍ରରେ ପ୍ରଗତି ହେବ। ଆତ୍ମୀୟଙ୍କ ସହଯୋଗ ମିଳିବ। ସାହିତ୍ୟ, ଚଳଚ୍ଚିତ୍ର କ୍ଷେତ୍ରରେ ସଫଳତା।
ମୀନ
♓
ବନ୍ଧୁଙ୍କ ଉପରେ ଭରସା କରିବା ଉଚିତ। ପ୍ରଗତିଶୀଳ ଚିନ୍ତାଧାରାରୁ ବ୍ୟବସାୟରେ ଲାଭ ହେବ। ଗୋପନୀୟତା ବଜାୟ ରଖି କାର୍ଯ୍ୟ କରନ୍ତୁ। ଶିକ୍ଷା, କାରିଗରୀ କ୍ଷେତ୍ରରେ ଉନ୍ନତି।
ଆଜି ଏପ୍ରିଲ ୧୮ ତାରିଖ, ଶନିବାର, ବିଶ୍ୱ ଐତିହ୍ୟ ଦିବସ, ବୈଶାଖ କୃଷ୍ଣ ପ୍ରତିପଦା ଯୁକ୍ତ ଦ୍ୱିତୀୟା, ଶନିବାର, ରାଶିନକ୍ଷତ୍ର-ଦିବା ଘ.୦୮।୪୭ ମି. ଗତେ ଦ୍ୱିତୀୟା, ତିଥି ଶେଷ ପ୍ରତିପଦା। ଯୋଗ ଓ କରଣ ଅନୁସାରେ ଶୁଭ ସମୟ ଦିବା ଘ.୦୯।୩୮ ମି. ଗତେ ଘ.୧୨।୦୪ ମି. ମଧ୍ୟରେ।
08
